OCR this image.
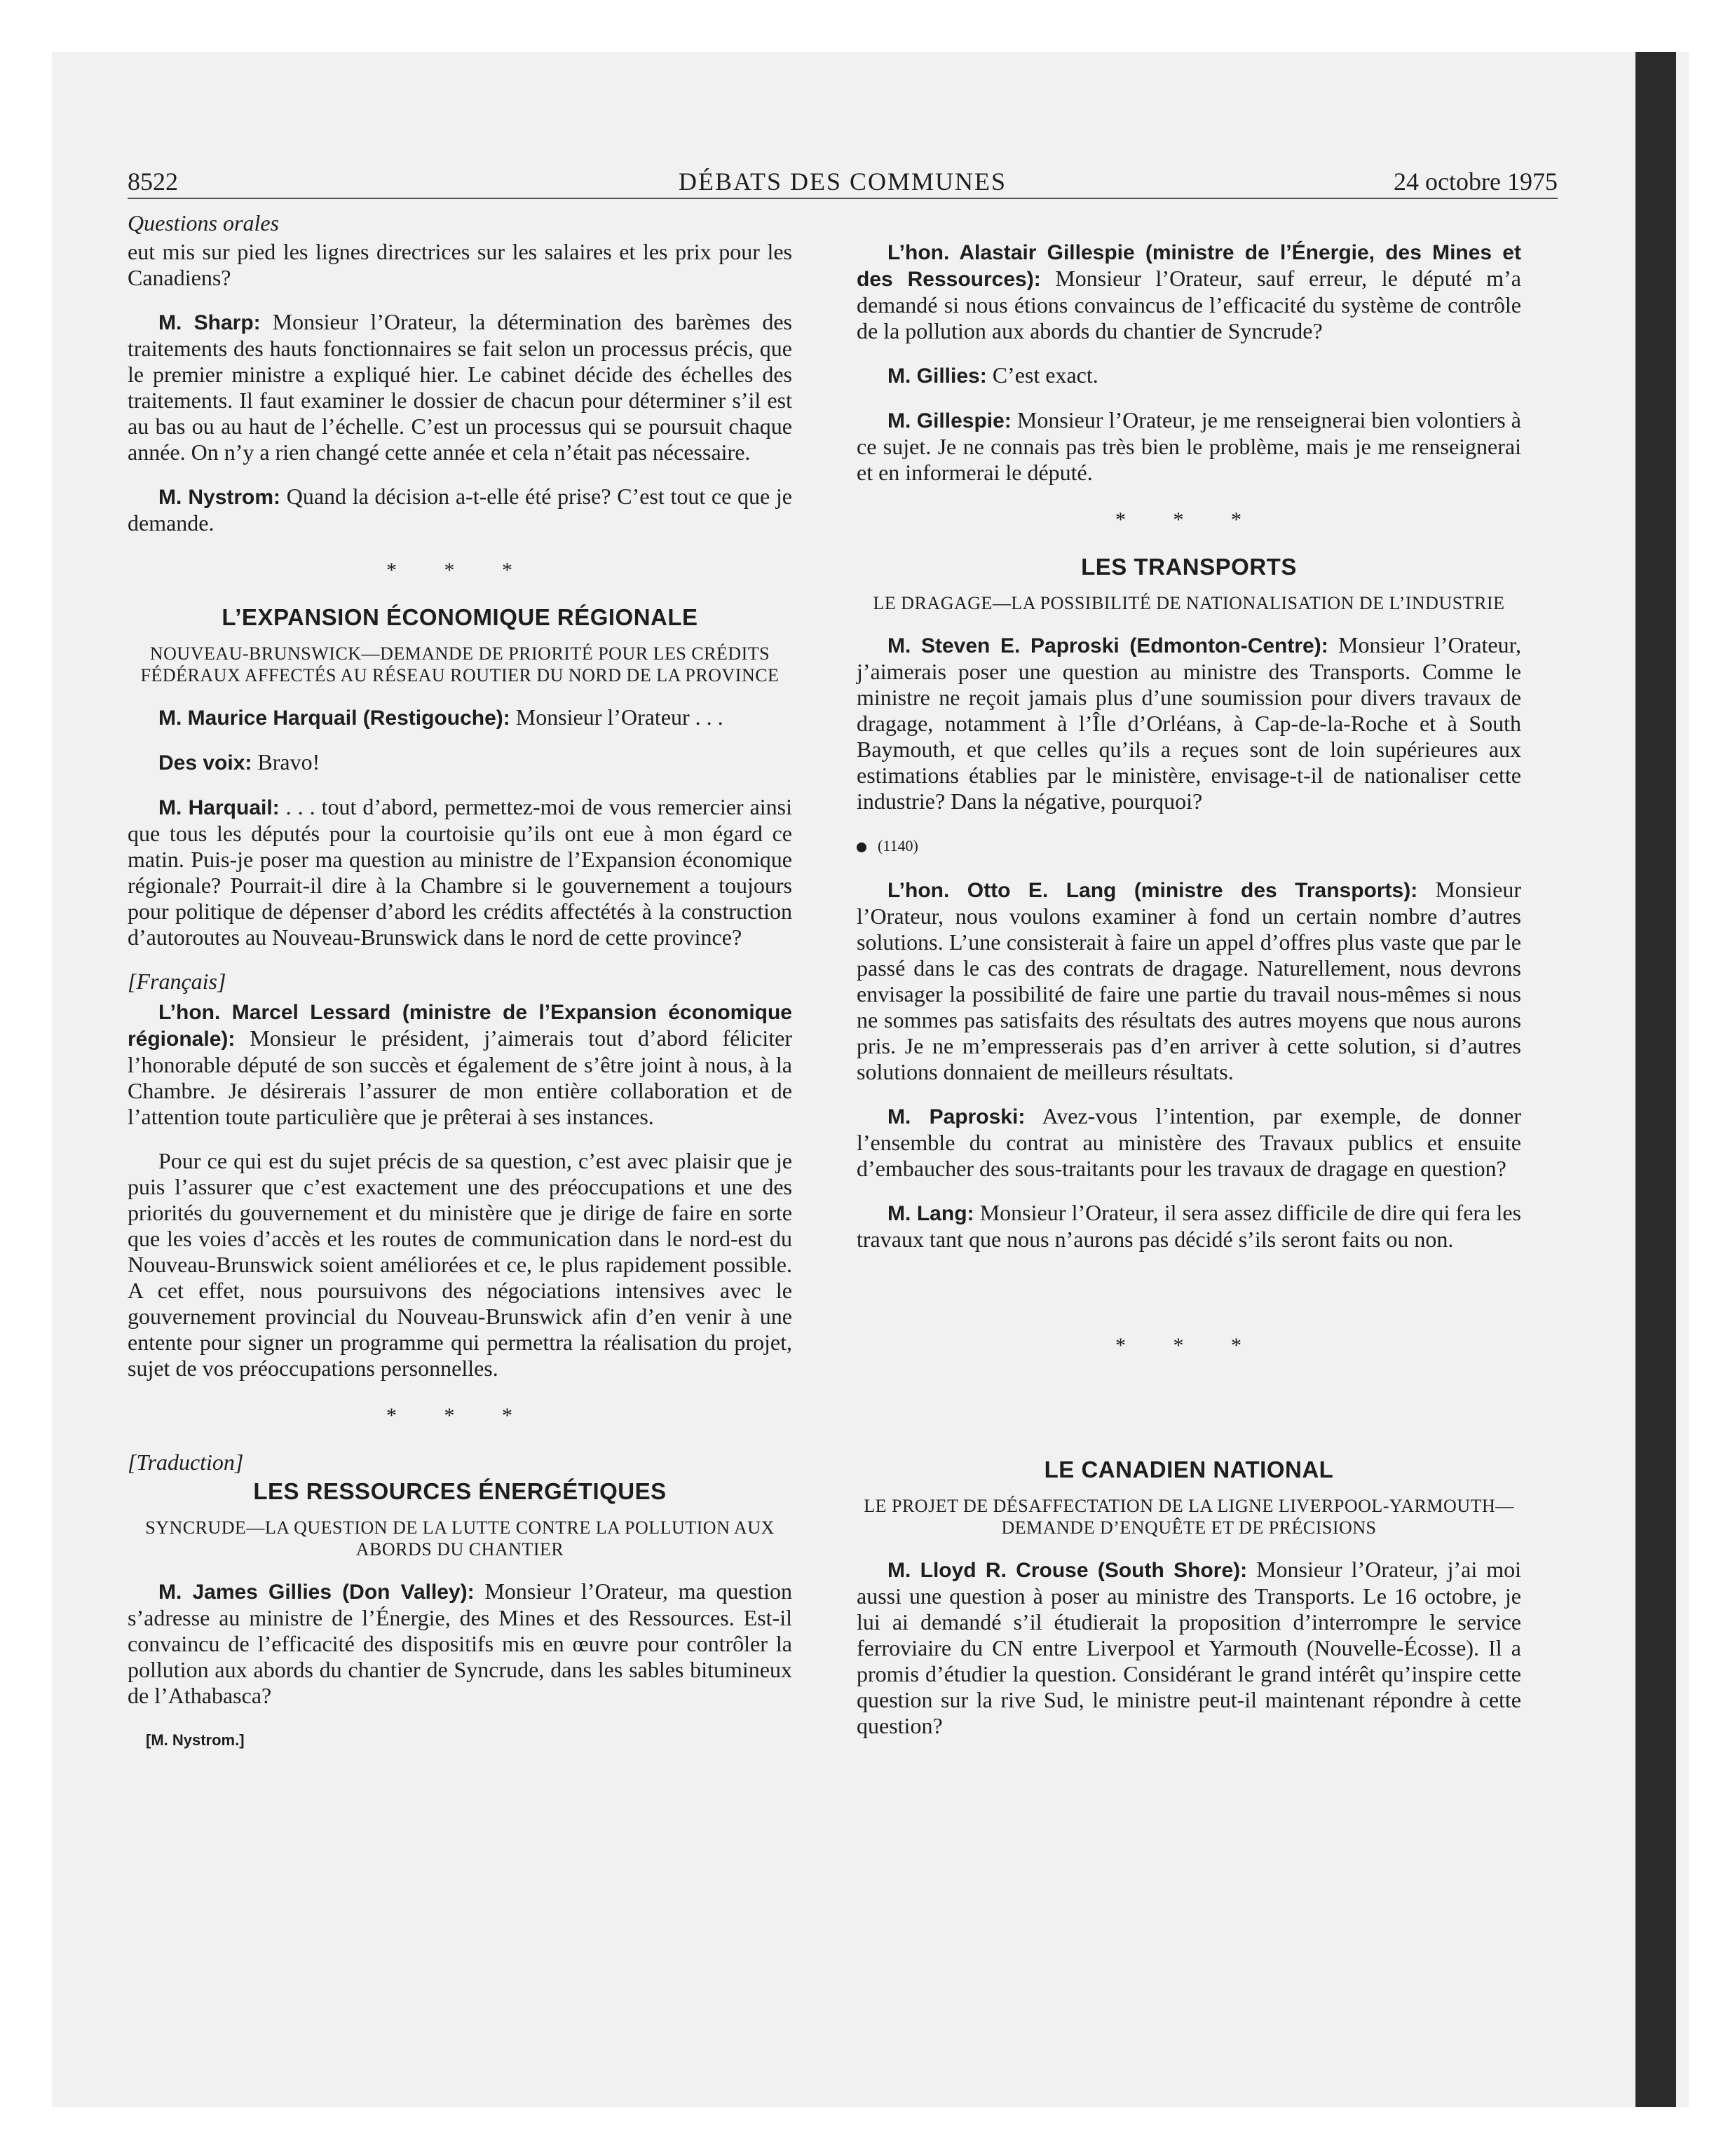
DÉBATS DES COMMUNES
8522	24 octobre 1975

Questions orales

eut mis sur pied les lignes directrices sur les salaires et les prix pour les Canadiens?

M. Sharp: Monsieur l’Orateur, la détermination des barèmes des traitements des hauts fonctionnaires se fait selon un processus précis, que le premier ministre a expliqué hier. Le cabinet décide des échelles des traitements. Il faut examiner le dossier de chacun pour déterminer s’il est au bas ou au haut de l’échelle. C’est un processus qui se poursuit chaque année. On n’y a rien changé cette année et cela n’était pas nécessaire.

M. Nystrom: Quand la décision a-t-elle été prise? C’est tout ce que je demande.

* * *
L’EXPANSION ÉCONOMIQUE RÉGIONALE
NOUVEAU-BRUNSWICK—DEMANDE DE PRIORITÉ POUR LES CRÉDITS FÉDÉRAUX AFFECTÉS AU RÉSEAU ROUTIER DU NORD DE LA PROVINCE

M. Maurice Harquail (Restigouche): Monsieur l’Orateur . . .

Des voix: Bravo!

M. Harquail: . . . tout d’abord, permettez-moi de vous remercier ainsi que tous les députés pour la courtoisie qu’ils ont eue à mon égard ce matin. Puis-je poser ma question au ministre de l’Expansion économique régionale? Pourrait-il dire à la Chambre si le gouvernement a toujours pour politique de dépenser d’abord les crédits affectétés à la construction d’autoroutes au Nouveau-Brunswick dans le nord de cette province?

[Français]

L’hon. Marcel Lessard (ministre de l’Expansion économique régionale): Monsieur le président, j’aimerais tout d’abord féliciter l’honorable député de son succès et également de s’être joint à nous, à la Chambre. Je désirerais l’assurer de mon entière collaboration et de l’attention toute particulière que je prêterai à ses instances.

Pour ce qui est du sujet précis de sa question, c’est avec plaisir que je puis l’assurer que c’est exactement une des préoccupations et une des priorités du gouvernement et du ministère que je dirige de faire en sorte que les voies d’accès et les routes de communication dans le nord-est du Nouveau-Brunswick soient améliorées et ce, le plus rapidement possible. A cet effet, nous poursuivons des négociations intensives avec le gouvernement provincial du Nouveau-Brunswick afin d’en venir à une entente pour signer un programme qui permettra la réalisation du projet, sujet de vos préoccupations personnelles.

* * *

[Traduction]

LES RESSOURCES ÉNERGÉTIQUES
SYNCRUDE—LA QUESTION DE LA LUTTE CONTRE LA POLLUTION AUX ABORDS DU CHANTIER

M. James Gillies (Don Valley): Monsieur l’Orateur, ma question s’adresse au ministre de l’Énergie, des Mines et des Ressources. Est-il convaincu de l’efficacité des dispositifs mis en œuvre pour contrôler la pollution aux abords du chantier de Syncrude, dans les sables bitumineux de l’Athabasca?

[M. Nystrom.]

L’hon. Alastair Gillespie (ministre de l’Énergie, des Mines et des Ressources): Monsieur l’Orateur, sauf erreur, le député m’a demandé si nous étions convaincus de l’efficacité du système de contrôle de la pollution aux abords du chantier de Syncrude?

M. Gillies: C’est exact.

M. Gillespie: Monsieur l’Orateur, je me renseignerai bien volontiers à ce sujet. Je ne connais pas très bien le problème, mais je me renseignerai et en informerai le député.

* * *
LES TRANSPORTS
LE DRAGAGE—LA POSSIBILITÉ DE NATIONALISATION DE L’INDUSTRIE

M. Steven E. Paproski (Edmonton-Centre): Monsieur l’Orateur, j’aimerais poser une question au ministre des Transports. Comme le ministre ne reçoit jamais plus d’une soumission pour divers travaux de dragage, notamment à l’Île d’Orléans, à Cap-de-la-Roche et à South Baymouth, et que celles qu’ils a reçues sont de loin supérieures aux estimations établies par le ministère, envisage-t-il de nationaliser cette industrie? Dans la négative, pourquoi?

(1140)

L’hon. Otto E. Lang (ministre des Transports): Monsieur l’Orateur, nous voulons examiner à fond un certain nombre d’autres solutions. L’une consisterait à faire un appel d’offres plus vaste que par le passé dans le cas des contrats de dragage. Naturellement, nous devrons envisager la possibilité de faire une partie du travail nous-mêmes si nous ne sommes pas satisfaits des résultats des autres moyens que nous aurons pris. Je ne m’empresserais pas d’en arriver à cette solution, si d’autres solutions donnaient de meilleurs résultats.

M. Paproski: Avez-vous l’intention, par exemple, de donner l’ensemble du contrat au ministère des Travaux publics et ensuite d’embaucher des sous-traitants pour les travaux de dragage en question?

M. Lang: Monsieur l’Orateur, il sera assez difficile de dire qui fera les travaux tant que nous n’aurons pas décidé s’ils seront faits ou non.

* * *
LE CANADIEN NATIONAL
LE PROJET DE DÉSAFFECTATION DE LA LIGNE LIVERPOOL-YARMOUTH—DEMANDE D’ENQUÊTE ET DE PRÉCISIONS

M. Lloyd R. Crouse (South Shore): Monsieur l’Orateur, j’ai moi aussi une question à poser au ministre des Transports. Le 16 octobre, je lui ai demandé s’il étudierait la proposition d’interrompre le service ferroviaire du CN entre Liverpool et Yarmouth (Nouvelle-Écosse). Il a promis d’étudier la question. Considérant le grand intérêt qu’inspire cette question sur la rive Sud, le ministre peut-il maintenant répondre à cette question?
